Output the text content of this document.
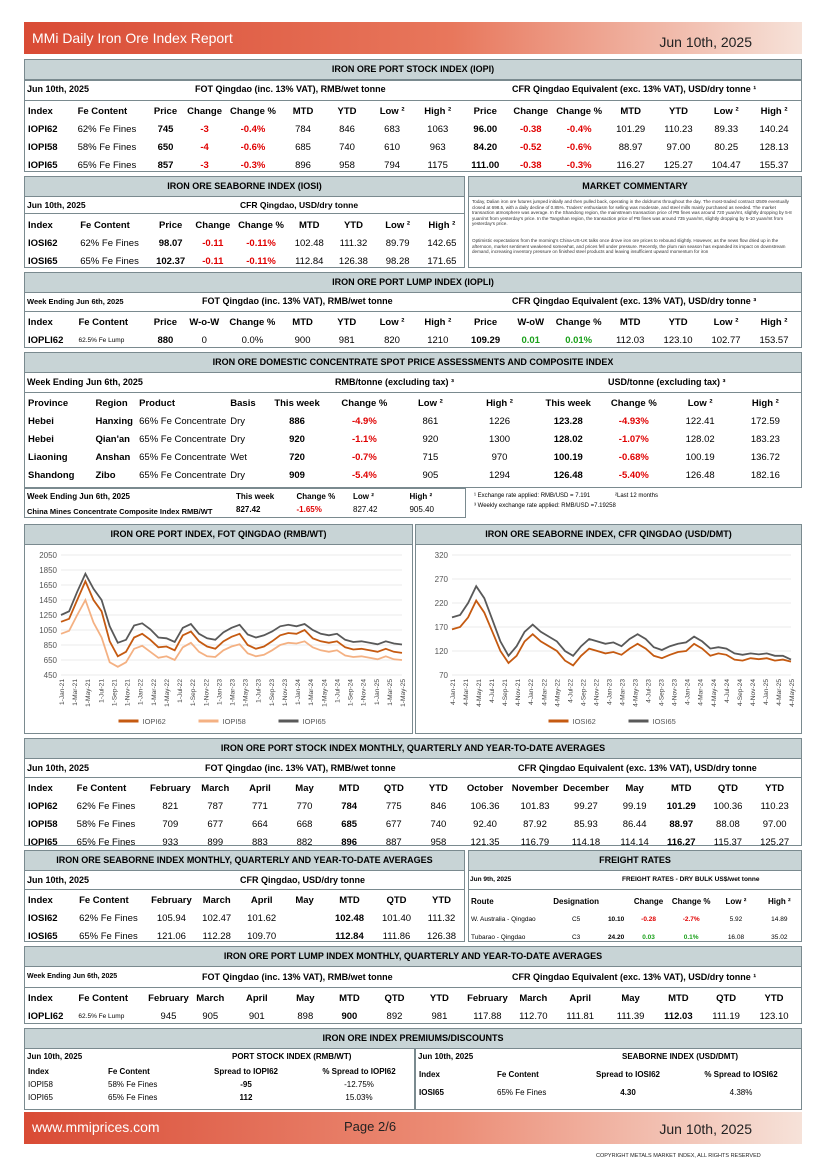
MMi Daily Iron Ore Index Report	Jun 10th, 2025
IRON ORE PORT STOCK INDEX (IOPI)
Jun 10th, 2025	FOT Qingdao (inc. 13% VAT), RMB/wet tonne	CFR Qingdao Equivalent (exc. 13% VAT), USD/dry tonne ¹
Index	Fe Content	Price	Change	Change %	MTD	YTD	Low ²	High ²	Price	Change	Change %	MTD	YTD	Low ²	High ²
IOPI62	62% Fe Fines	745	-3	-0.4%	784	846	683	1063	96.00	-0.38	-0.4%	101.29	110.23	89.33	140.24
IOPI58	58% Fe Fines	650	-4	-0.6%	685	740	610	963	84.20	-0.52	-0.6%	88.97	97.00	80.25	128.13
IOPI65	65% Fe Fines	857	-3	-0.3%	896	958	794	1175	111.00	-0.38	-0.3%	116.27	125.27	104.47	155.37
IRON ORE SEABORNE INDEX (IOSI)
Jun 10th, 2025	CFR Qingdao, USD/dry tonne
Index	Fe Content	Price	Change	Change %	MTD	YTD	Low ²	High ²
IOSI62	62% Fe Fines	98.07	-0.11	-0.11%	102.48	111.32	89.79	142.65
IOSI65	65% Fe Fines	102.37	-0.11	-0.11%	112.84	126.38	98.28	171.65
MARKET COMMENTARY
Today, Dalian iron ore futures jumped initially and then pulled back, operating in the doldrums throughout the day. The most-traded contract I2509 eventually closed at 698.5, with a daily decline of 0.85%. Traders' enthusiasm for selling was moderate, and steel mills mainly purchased as needed. The market transaction atmosphere was average. In the Shandong region, the mainstream transaction price of PB fines was around 720 yuan/mt, slightly dropping by 5-8 yuan/mt from yesterday's price. In the Tangshan region, the transaction price of PB fines was around 735 yuan/mt, slightly dropping by 5-10 yuan/mt from yesterday's price.
Optimistic expectations from the morning's China-US-UK talks once drove iron ore prices to rebound slightly. However, as the news flow dried up in the afternoon, market sentiment weakened somewhat, and prices fell under pressure. Recently, the plum rain season has expanded its impact on downstream demand, increasing inventory pressure on finished steel products and leaving insufficient upward momentum for iron
IRON ORE PORT LUMP INDEX (IOPLI)
Week Ending Jun 6th, 2025	FOT Qingdao (inc. 13% VAT), RMB/wet tonne	CFR Qingdao Equivalent (exc. 13% VAT), USD/dry tonne ³
Index	Fe Content	Price	W-o-W	Change %	MTD	YTD	Low ²	High ²	Price	W-oW	Change %	MTD	YTD	Low ²	High ²
IOPLI62	62.5% Fe Lump	880	0	0.0%	900	981	820	1210	109.29	0.01	0.01%	112.03	123.10	102.77	153.57
IRON ORE DOMESTIC CONCENTRATE SPOT PRICE ASSESSMENTS AND COMPOSITE INDEX
Week Ending Jun 6th, 2025	RMB/tonne (excluding tax) ³	USD/tonne (excluding tax) ³
Province	Region	Product	Basis	This week	Change %	Low ²	High ²	This week	Change %	Low ²	High ²
Hebei	Hanxing	66% Fe Concentrate	Dry	886	-4.9%	861	1226	123.28	-4.93%	122.41	172.59
Hebei	Qian'an	65% Fe Concentrate	Dry	920	-1.1%	920	1300	128.02	-1.07%	128.02	183.23
Liaoning	Anshan	65% Fe Concentrate	Wet	720	-0.7%	715	970	100.19	-0.68%	100.19	136.72
Shandong	Zibo	65% Fe Concentrate	Dry	909	-5.4%	905	1294	126.48	-5.40%	126.48	182.16
Week Ending Jun 6th, 2025	This week	Change %	Low ²	High ²
827.42	-1.65%	827.42	905.40
China Mines Concentrate Composite Index RMB/WT
¹ Exchange rate applied: RMB/USD = 7.191	²Last 12 months
³ Weekly exchange rate applied: RMB/USD =7.19258
IRON ORE PORT INDEX, FOT QINGDAO (RMB/WT)	IRON ORE SEABORNE INDEX, CFR QINGDAO (USD/DMT)
2050
1850
1650
1450
1250
1050
850
650
450
1-Jan-21 1-Mar-21 1-May-21 1-Jul-21 1-Sep-21 1-Nov-21 1-Jan-22 1-Mar-22 1-May-22 1-Jul-22 1-Sep-22 1-Nov-22 1-Jan-23 1-Mar-23 1-May-23 1-Jul-23 1-Sep-23 1-Nov-23 1-Jan-24 1-Mar-24 1-May-24 1-Jul-24 1-Sep-24 1-Nov-24 1-Jan-25 1-Mar-25 1-May-25
IOPI62	IOPI58	IOPI65
320
270
220
170
120
70
4-Jan-21 4-Mar-21 4-May-21 4-Jul-21 4-Sep-21 4-Nov-21 4-Jan-22 4-Mar-22 4-May-22 4-Jul-22 4-Sep-22 4-Nov-22 4-Jan-23 4-Mar-23 4-May-23 4-Jul-23 4-Sep-23 4-Nov-23 4-Jan-24 4-Mar-24 4-May-24 4-Jul-24 4-Sep-24 4-Nov-24 4-Jan-25 4-Mar-25 4-May-25
IOSI62	IOSI65
IRON ORE PORT STOCK INDEX MONTHLY, QUARTERLY AND YEAR-TO-DATE AVERAGES
Jun 10th, 2025	FOT Qingdao (inc. 13% VAT), RMB/wet tonne	CFR Qingdao Equivalent (exc. 13% VAT), USD/dry tonne
Index	Fe Content	February	March	April	May	MTD	QTD	YTD	October	November	December	May	MTD	QTD	YTD
IOPI62	62% Fe Fines	821	787	771	770	784	775	846	106.36	101.83	99.27	99.19	101.29	100.36	110.23
IOPI58	58% Fe Fines	709	677	664	668	685	677	740	92.40	87.92	85.93	86.44	88.97	88.08	97.00
IOPI65	65% Fe Fines	933	899	883	882	896	887	958	121.35	116.79	114.18	114.14	116.27	115.37	125.27
IRON ORE SEABORNE INDEX MONTHLY, QUARTERLY AND YEAR-TO-DATE AVERAGES
Jun 10th, 2025	CFR Qingdao, USD/dry tonne
Index	Fe Content	February	March	April	May	MTD	QTD	YTD
IOSI62	62% Fe Fines	105.94	102.47	101.62		102.48	101.40	111.32
IOSI65	65% Fe Fines	121.06	112.28	109.70		112.84	111.86	126.38
FREIGHT RATES
Jun 9th, 2025	FREIGHT RATES - DRY BULK US$/wet tonne
Route	Designation		Change	Change %	Low ²	High ²
W. Australia - Qingdao	C5	10.10	-0.28	-2.7%	5.92	14.89
Tubarao - Qingdao	C3	24.20	0.03	0.1%	16.08	35.02
IRON ORE PORT LUMP INDEX MONTHLY, QUARTERLY AND YEAR-TO-DATE AVERAGES
Week Ending Jun 6th, 2025	FOT Qingdao (inc. 13% VAT), RMB/wet tonne	CFR Qingdao Equivalent (exc. 13% VAT), USD/dry tonne ¹
Index	Fe Content	February	March	April	May	MTD	QTD	YTD	February	March	April	May	MTD	QTD	YTD
IOPLI62	62.5% Fe Lump	945	905	901	898	900	892	981	117.88	112.70	111.81	111.39	112.03	111.19	123.10
IRON ORE INDEX PREMIUMS/DISCOUNTS
Jun 10th, 2025	PORT STOCK INDEX (RMB/WT)	Jun 10th, 2025	SEABORNE INDEX (USD/DMT)
Index	Fe Content	Spread to IOPI62	% Spread to IOPI62
IOPI58	58% Fe Fines	-95	-12.75%
IOPI65	65% Fe Fines	112	15.03%
Index	Fe Content	Spread to IOSI62	% Spread to IOSI62
IOSI65	65% Fe Fines	4.30	4.38%
www.mmiprices.com	Page 2/6	Jun 10th, 2025
COPYRIGHT METALS MARKET INDEX, ALL RIGHTS RESERVED
